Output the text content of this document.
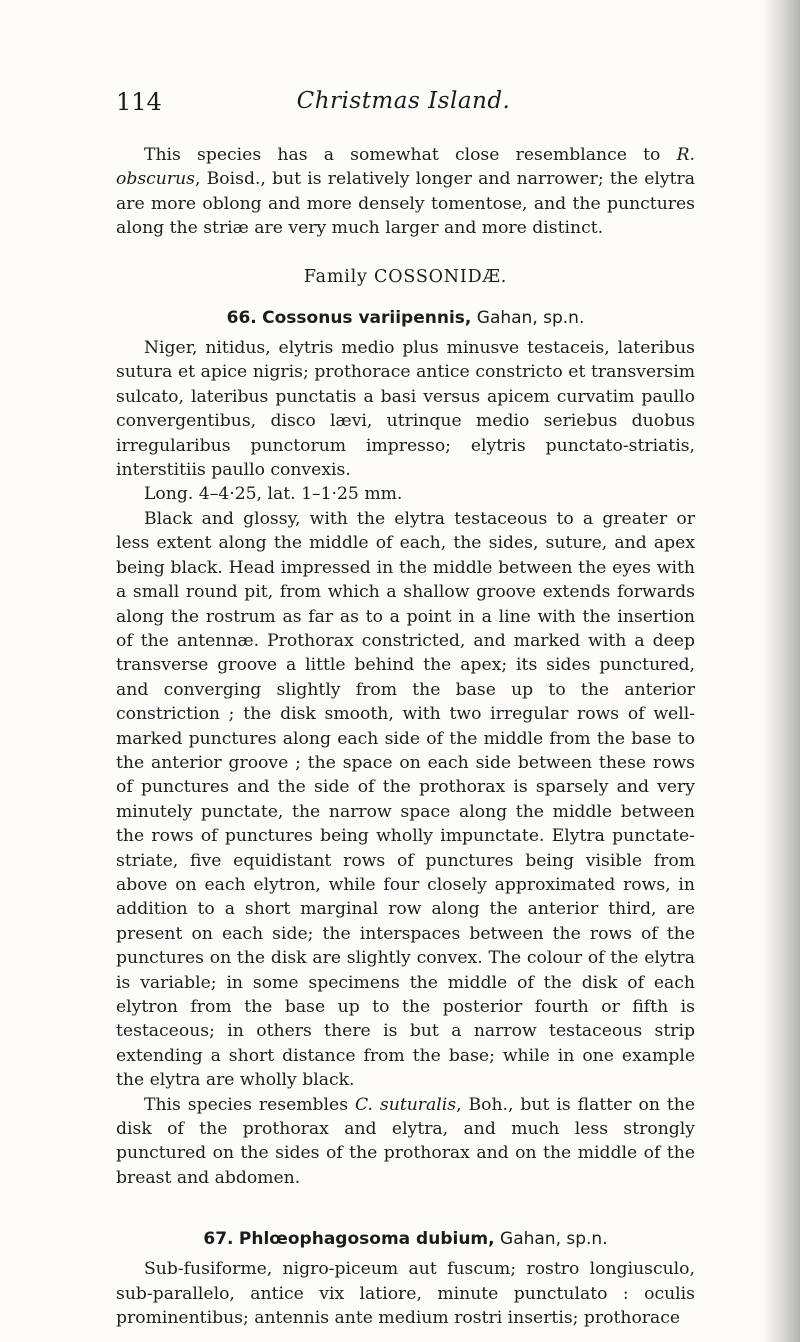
114	Christmas Island.

This species has a somewhat close resemblance to R. obscurus, Boisd., but is relatively longer and narrower; the elytra are more oblong and more densely tomentose, and the punctures along the striæ are very much larger and more distinct.

Family COSSONIDÆ.
66. Cossonus variipennis, Gahan, sp.n.

Niger, nitidus, elytris medio plus minusve testaceis, lateribus sutura et apice nigris; prothorace antice constricto et transversim sulcato, lateribus punctatis a basi versus apicem curvatim paullo convergentibus, disco lævi, utrinque medio seriebus duobus irregularibus punctorum impresso; elytris punctato-striatis, interstitiis paullo convexis.

Long. 4–4·25, lat. 1–1·25 mm.

Black and glossy, with the elytra testaceous to a greater or less extent along the middle of each, the sides, suture, and apex being black. Head impressed in the middle between the eyes with a small round pit, from which a shallow groove extends forwards along the rostrum as far as to a point in a line with the insertion of the antennæ. Prothorax constricted, and marked with a deep transverse groove a little behind the apex; its sides punctured, and converging slightly from the base up to the anterior constriction ; the disk smooth, with two irregular rows of well-marked punctures along each side of the middle from the base to the anterior groove ; the space on each side between these rows of punctures and the side of the prothorax is sparsely and very minutely punctate, the narrow space along the middle between the rows of punctures being wholly impunctate. Elytra punctate-striate, five equidistant rows of punctures being visible from above on each elytron, while four closely approximated rows, in addition to a short marginal row along the anterior third, are present on each side; the interspaces between the rows of the punctures on the disk are slightly convex. The colour of the elytra is variable; in some specimens the middle of the disk of each elytron from the base up to the posterior fourth or fifth is testaceous; in others there is but a narrow testaceous strip extending a short distance from the base; while in one example the elytra are wholly black.

This species resembles C. suturalis, Boh., but is flatter on the disk of the prothorax and elytra, and much less strongly punctured on the sides of the prothorax and on the middle of the breast and abdomen.

67. Phlœophagosoma dubium, Gahan, sp.n.

Sub-fusiforme, nigro-piceum aut fuscum; rostro longiusculo, sub-parallelo, antice vix latiore, minute punctulato : oculis prominentibus; antennis ante medium rostri insertis; prothorace
